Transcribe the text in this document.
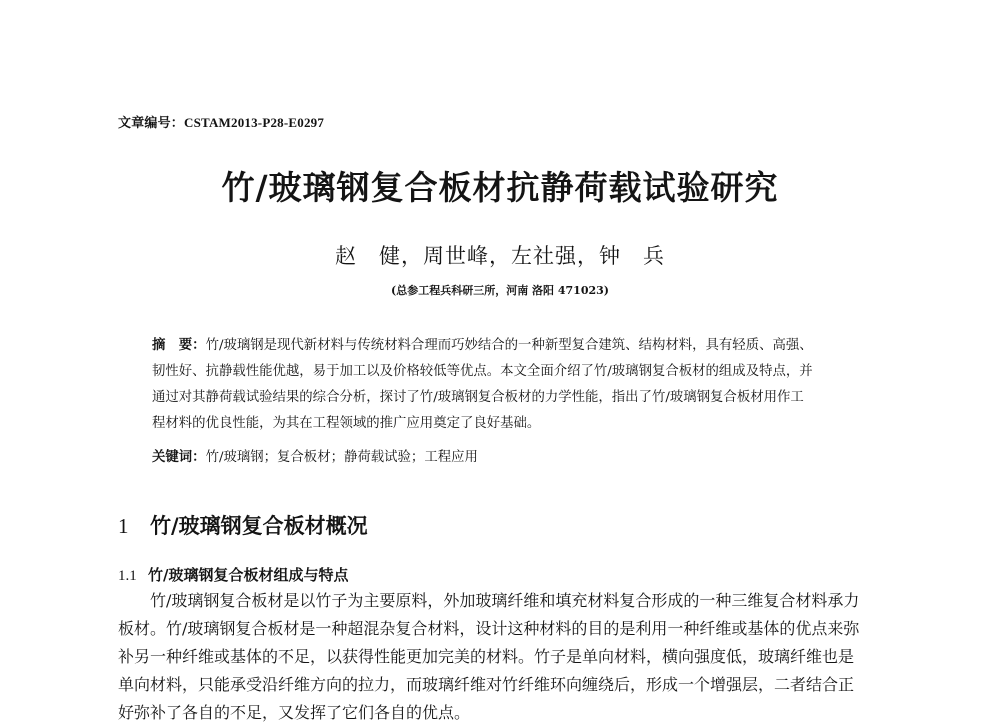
文章编号：CSTAM2013-P28-E0297
竹/玻璃钢复合板材抗静荷载试验研究
赵　健，周世峰，左社强，钟　兵
(总参工程兵科研三所，河南 洛阳 471023)
摘　要：竹/玻璃钢是现代新材料与传统材料合理而巧妙结合的一种新型复合建筑、结构材料，具有轻质、高强、
韧性好、抗静载性能优越，易于加工以及价格较低等优点。本文全面介绍了竹/玻璃钢复合板材的组成及特点，并
通过对其静荷载试验结果的综合分析，探讨了竹/玻璃钢复合板材的力学性能，指出了竹/玻璃钢复合板材用作工
程材料的优良性能，为其在工程领域的推广应用奠定了良好基础。
关键词：竹/玻璃钢；复合板材；静荷载试验；工程应用
1 竹/玻璃钢复合板材概况
1.1 竹/玻璃钢复合板材组成与特点
　　竹/玻璃钢复合板材是以竹子为主要原料，外加玻璃纤维和填充材料复合形成的一种三维复合材料承力
板材。竹/玻璃钢复合板材是一种超混杂复合材料，设计这种材料的目的是利用一种纤维或基体的优点来弥
补另一种纤维或基体的不足，以获得性能更加完美的材料。竹子是单向材料，横向强度低，玻璃纤维也是
单向材料，只能承受沿纤维方向的拉力，而玻璃纤维对竹纤维环向缠绕后，形成一个增强层，二者结合正
好弥补了各自的不足，又发挥了它们各自的优点。
